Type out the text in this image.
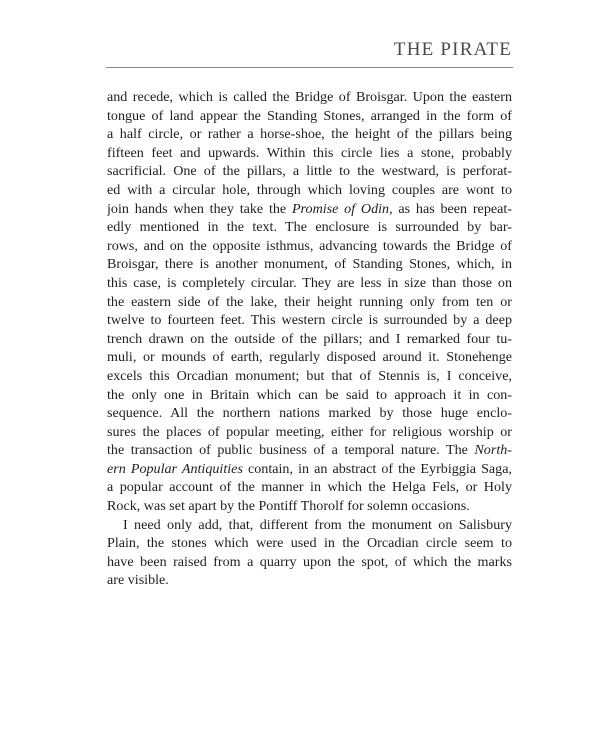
THE PIRATE
and recede, which is called the Bridge of Broisgar. Upon the eastern
tongue of land appear the Standing Stones, arranged in the form of
a half circle, or rather a horse-shoe, the height of the pillars being
fifteen feet and upwards. Within this circle lies a stone, probably
sacrificial. One of the pillars, a little to the westward, is perforat-
ed with a circular hole, through which loving couples are wont to
join hands when they take the Promise of Odin, as has been repeat-
edly mentioned in the text. The enclosure is surrounded by bar-
rows, and on the opposite isthmus, advancing towards the Bridge of
Broisgar, there is another monument, of Standing Stones, which, in
this case, is completely circular. They are less in size than those on
the eastern side of the lake, their height running only from ten or
twelve to fourteen feet. This western circle is surrounded by a deep
trench drawn on the outside of the pillars; and I remarked four tu-
muli, or mounds of earth, regularly disposed around it. Stonehenge
excels this Orcadian monument; but that of Stennis is, I conceive,
the only one in Britain which can be said to approach it in con-
sequence. All the northern nations marked by those huge enclo-
sures the places of popular meeting, either for religious worship or
the transaction of public business of a temporal nature. The North-
ern Popular Antiquities contain, in an abstract of the Eyrbiggia Saga,
a popular account of the manner in which the Helga Fels, or Holy
Rock, was set apart by the Pontiff Thorolf for solemn occasions.
I need only add, that, different from the monument on Salisbury
Plain, the stones which were used in the Orcadian circle seem to
have been raised from a quarry upon the spot, of which the marks
are visible.
